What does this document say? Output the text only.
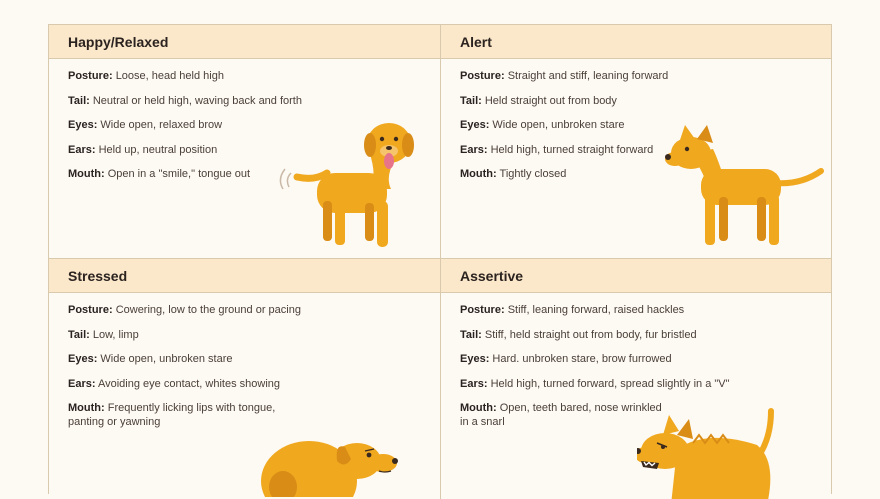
Happy/Relaxed
Posture: Loose, head held high
Tail: Neutral or held high, waving back and forth
Eyes: Wide open, relaxed brow
Ears: Held up, neutral position
Mouth: Open in a "smile," tongue out
Alert
Posture: Straight and stiff, leaning forward
Tail: Held straight out from body
Eyes: Wide open, unbroken stare
Ears: Held high, turned straight forward
Mouth: Tightly closed
Stressed
Posture: Cowering, low to the ground or pacing
Tail: Low, limp
Eyes: Wide open, unbroken stare
Ears: Avoiding eye contact, whites showing
Mouth: Frequently licking lips with tongue, panting or yawning
Assertive
Posture: Stiff, leaning forward, raised hackles
Tail: Stiff, held straight out from body, fur bristled
Eyes: Hard. unbroken stare, brow furrowed
Ears: Held high, turned forward, spread slightly in a "V"
Mouth: Open, teeth bared, nose wrinkled in a snarl
